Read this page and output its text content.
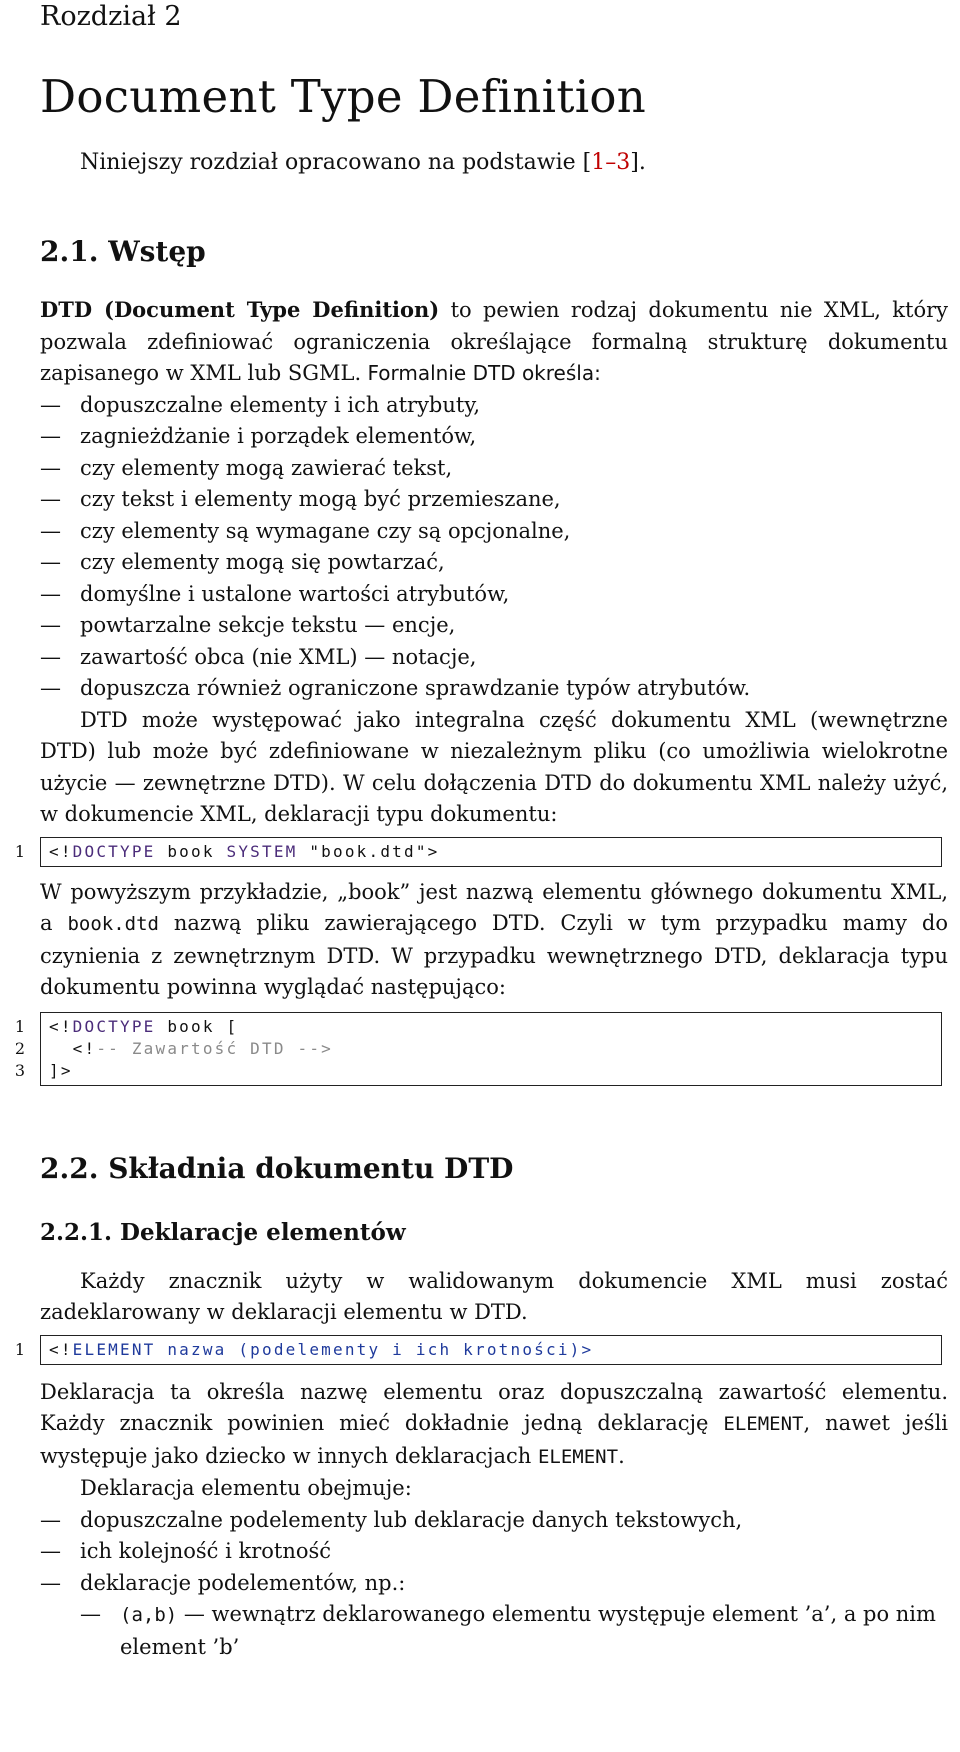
Rozdział 2
Document Type Definition
Niniejszy rozdział opracowano na podstawie [1–3].
2.1. Wstęp

DTD (Document Type Definition) to pewien rodzaj dokumentu nie XML, który pozwala zdefiniować ograniczenia określające formalną strukturę dokumentu zapisanego w XML lub SGML. Formalnie DTD określa:

— dopuszczalne elementy i ich atrybuty,
— zagnieżdżanie i porządek elementów,
— czy elementy mogą zawierać tekst,
— czy tekst i elementy mogą być przemieszane,
— czy elementy są wymagane czy są opcjonalne,
— czy elementy mogą się powtarzać,
— domyślne i ustalone wartości atrybutów,
— powtarzalne sekcje tekstu — encje,
— zawartość obca (nie XML) — notacje,
— dopuszcza również ograniczone sprawdzanie typów atrybutów.

DTD może występować jako integralna część dokumentu XML (wewnętrzne DTD) lub może być zdefiniowane w niezależnym pliku (co umożliwia wielokrotne użycie — zewnętrzne DTD). W celu dołączenia DTD do dokumentu XML należy użyć, w dokumencie XML, deklaracji typu dokumentu:

1 <!DOCTYPE book SYSTEM "book.dtd">

W powyższym przykładzie, „book” jest nazwą elementu głównego dokumentu XML, a book.dtd nazwą pliku zawierającego DTD. Czyli w tym przypadku mamy do czynienia z zewnętrznym DTD. W przypadku wewnętrznego DTD, deklaracja typu dokumentu powinna wyglądać następująco:

1 <!DOCTYPE book [
2 <!-- Zawartość DTD -->
3 ]>
2.2. Składnia dokumentu DTD
2.2.1. Deklaracje elementów

Każdy znacznik użyty w walidowanym dokumencie XML musi zostać zadeklarowany w deklaracji elementu w DTD.

1 <!ELEMENT nazwa (podelementy i ich krotności)>

Deklaracja ta określa nazwę elementu oraz dopuszczalną zawartość elementu. Każdy znacznik powinien mieć dokładnie jedną deklarację ELEMENT, nawet jeśli występuje jako dziecko w innych deklaracjach ELEMENT.

Deklaracja elementu obejmuje:

— dopuszczalne podelementy lub deklaracje danych tekstowych,
— ich kolejność i krotność
— deklaracje podelementów, np.:
—	(a,b) — wewnątrz deklarowanego elementu występuje element ’a’, a po nim element ’b’
